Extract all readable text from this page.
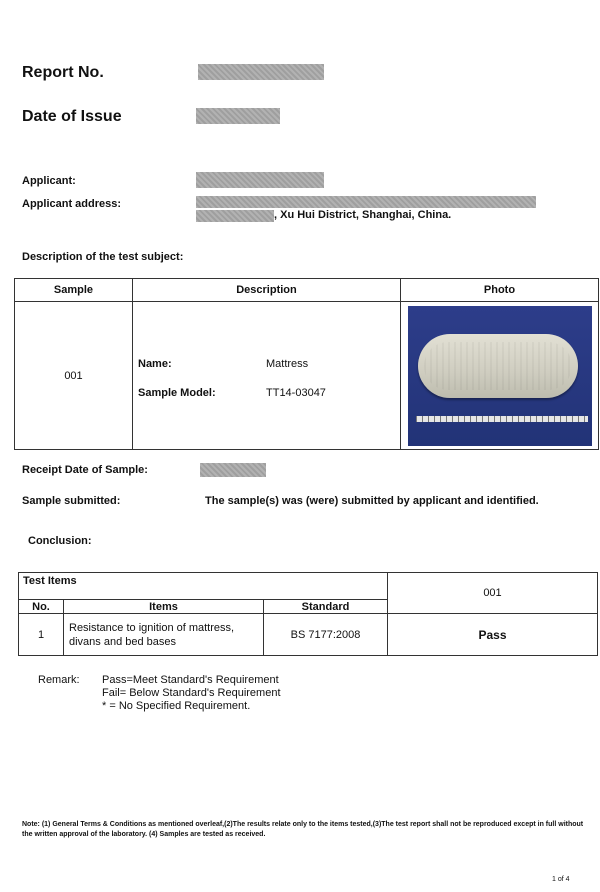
Report No.
Date of Issue
Applicant:
Applicant address:
, Xu Hui District, Shanghai, China.
Description of the test subject:
Sample	Description	Photo
001	Name: Mattress
Sample Model: TT14-03047	

Receipt Date of Sample:
Sample submitted:	The sample(s) was (were) submitted by applicant and identified.
Conclusion:
Test Items			001
No.	Items	Standard	
1	Resistance to ignition of mattress, divans and bed bases	BS 7177:2008	Pass
Remark: Pass=Meet Standard's Requirement
Fail= Below Standard's Requirement
* = No Specified Requirement.
Note: (1) General Terms & Conditions as mentioned overleaf,(2)The results relate only to the items tested,(3)The test report shall not be reproduced except in full without the written approval of the laboratory. (4) Samples are tested as received.
1 of 4
